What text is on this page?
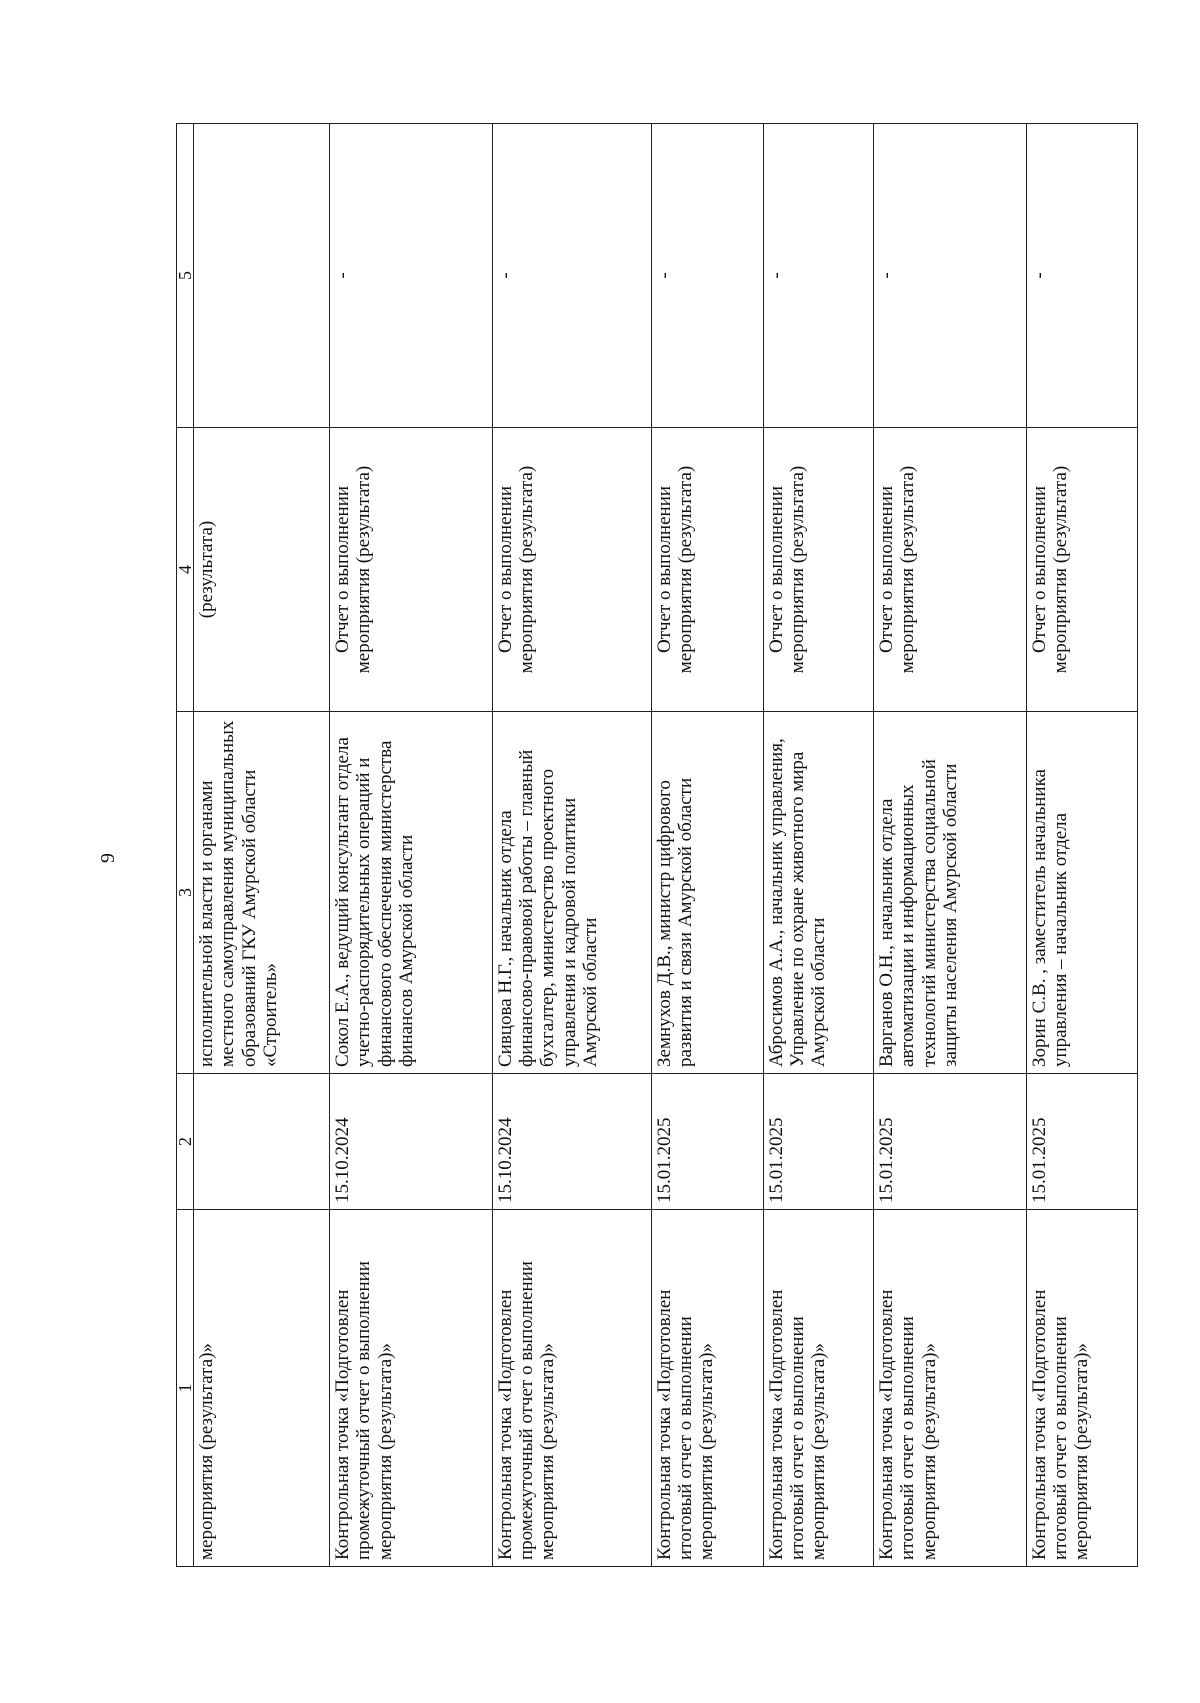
9
1	2	3	4	5
мероприятия (результата)»		исполнительной власти и органами местного самоуправления муниципальных образований ГКУ Амурской области «Строитель»	(результата)	
Контрольная точка «Подготовлен промежуточный отчет о выполнении мероприятия (результата)»	15.10.2024	Сокол Е.А., ведущий консультант отдела учетно-распорядительных операций и финансового обеспечения министерства финансов Амурской области	Отчет о выполнении мероприятия (результата)	-
Контрольная точка «Подготовлен промежуточный отчет о выполнении мероприятия (результата)»	15.10.2024	Сивцова Н.Г., начальник отдела финансово-правовой работы – главный бухгалтер, министерство проектного управления и кадровой политики Амурской области	Отчет о выполнении мероприятия (результата)	-
Контрольная точка «Подготовлен итоговый отчет о выполнении мероприятия (результата)»	15.01.2025	Земнухов Д.В., министр цифрового развития и связи Амурской области	Отчет о выполнении мероприятия (результата)	-
Контрольная точка «Подготовлен итоговый отчет о выполнении мероприятия (результата)»	15.01.2025	Абросимов А.А., начальник управления, Управление по охране животного мира Амурской области	Отчет о выполнении мероприятия (результата)	-
Контрольная точка «Подготовлен итоговый отчет о выполнении мероприятия (результата)»	15.01.2025	Варганов О.Н., начальник отдела автоматизации и информационных технологий министерства социальной защиты населения Амурской области	Отчет о выполнении мероприятия (результата)	-
Контрольная точка «Подготовлен итоговый отчет о выполнении мероприятия (результата)»	15.01.2025	Зорин С.В. , заместитель начальника управления – начальник отдела	Отчет о выполнении мероприятия (результата)	-
